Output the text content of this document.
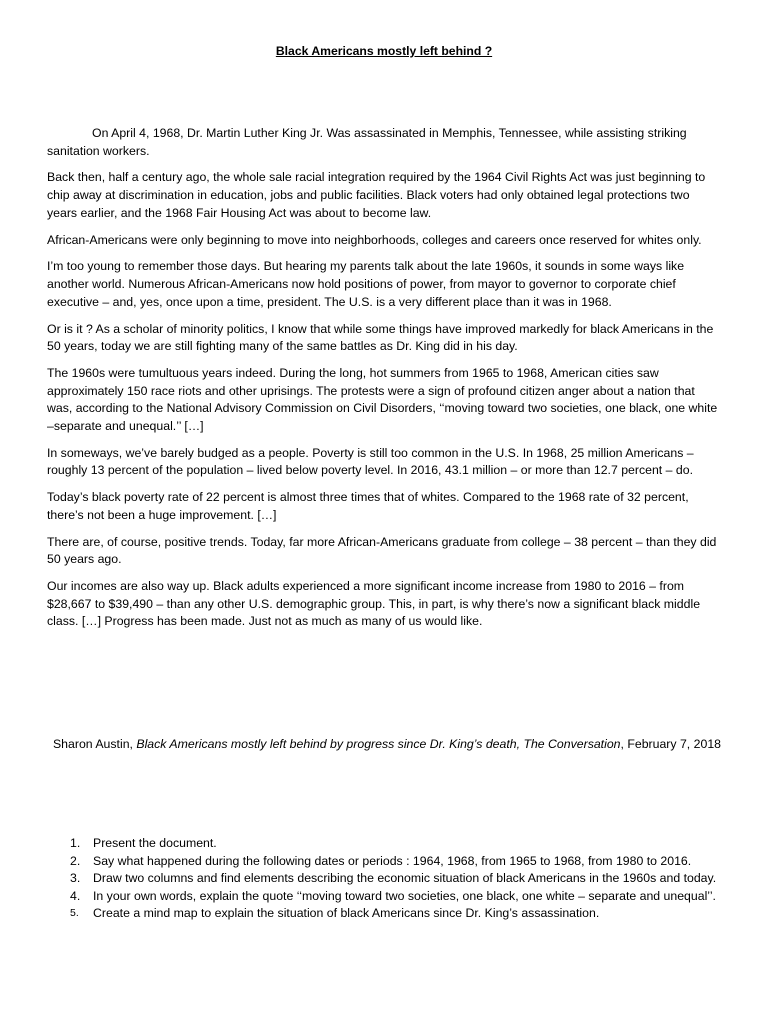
Black Americans mostly left behind ?

On April 4, 1968, Dr. Martin Luther King Jr. Was assassinated in Memphis, Tennessee, while assisting striking sanitation workers.

Back then, half a century ago, the whole sale racial integration required by the 1964 Civil Rights Act was just beginning to chip away at discrimination in education, jobs and public facilities. Black voters had only obtained legal protections two years earlier, and the 1968 Fair Housing Act was about to become law.

African-Americans were only beginning to move into neighborhoods, colleges and careers once reserved for whites only.

I’m too young to remember those days. But hearing my parents talk about the late 1960s, it sounds in some ways like another world. Numerous African-Americans now hold positions of power, from mayor to governor to corporate chief executive – and, yes, once upon a time, president. The U.S. is a very different place than it was in 1968.

Or is it ? As a scholar of minority politics, I know that while some things have improved markedly for black Americans in the 50 years, today we are still fighting many of the same battles as Dr. King did in his day.

The 1960s were tumultuous years indeed. During the long, hot summers from 1965 to 1968, American cities saw approximately 150 race riots and other uprisings. The protests were a sign of profound citizen anger about a nation that was, according to the National Advisory Commission on Civil Disorders, ‘‘moving toward two societies, one black, one white –separate and unequal.’’ […]

In someways, we’ve barely budged as a people. Poverty is still too common in the U.S. In 1968, 25 million Americans – roughly 13 percent of the population – lived below poverty level. In 2016, 43.1 million – or more than 12.7 percent – do.

Today’s black poverty rate of 22 percent is almost three times that of whites. Compared to the 1968 rate of 32 percent, there’s not been a huge improvement. […]

There are, of course, positive trends. Today, far more African-Americans graduate from college – 38 percent – than they did 50 years ago.

Our incomes are also way up. Black adults experienced a more significant income increase from 1980 to 2016 – from $28,667 to $39,490 – than any other U.S. demographic group. This, in part, is why there’s now a significant black middle class. […] Progress has been made. Just not as much as many of us would like.

Sharon Austin, Black Americans mostly left behind by progress since Dr. King’s death, The Conversation, February 7, 2018
1. Present the document.
2. Say what happened during the following dates or periods : 1964, 1968, from 1965 to 1968, from 1980 to 2016.
3. Draw two columns and find elements describing the economic situation of black Americans in the 1960s and today.
4. In your own words, explain the quote ‘‘moving toward two societies, one black, one white – separate and unequal’’.
5. Create a mind map to explain the situation of black Americans since Dr. King’s assassination.
